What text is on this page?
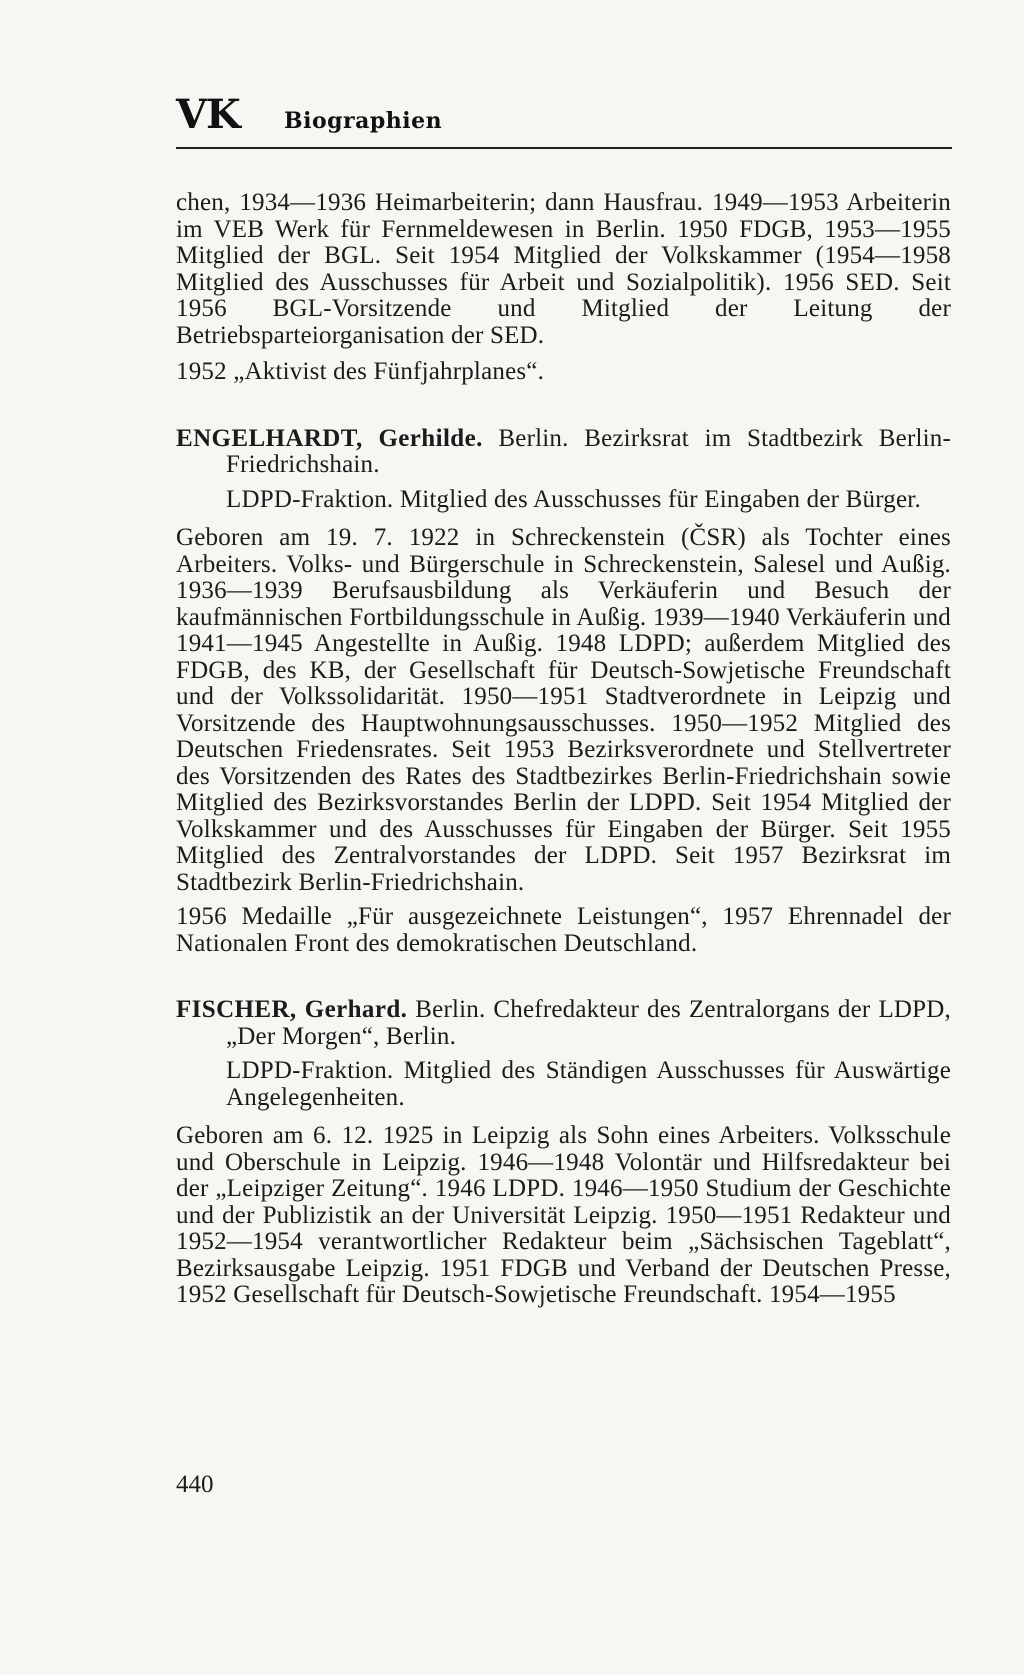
VK Biographien

chen, 1934—1936 Heimarbeiterin; dann Hausfrau. 1949—1953 Arbeiterin im VEB Werk für Fernmeldewesen in Berlin. 1950 FDGB, 1953—1955 Mitglied der BGL. Seit 1954 Mitglied der Volkskammer (1954—1958 Mitglied des Ausschusses für Arbeit und Sozialpolitik). 1956 SED. Seit 1956 BGL-Vorsitzende und Mitglied der Leitung der Betriebsparteiorganisation der SED.

1952 „Aktivist des Fünfjahrplanes“.

ENGELHARDT, Gerhilde. Berlin. Bezirksrat im Stadtbezirk Berlin-Friedrichshain.

LDPD-Fraktion. Mitglied des Ausschusses für Eingaben der Bürger.

Geboren am 19. 7. 1922 in Schreckenstein (ČSR) als Tochter eines Arbeiters. Volks- und Bürgerschule in Schreckenstein, Salesel und Außig. 1936—1939 Berufsausbildung als Verkäuferin und Besuch der kaufmännischen Fortbildungsschule in Außig. 1939—1940 Verkäuferin und 1941—1945 Angestellte in Außig. 1948 LDPD; außerdem Mitglied des FDGB, des KB, der Gesellschaft für Deutsch-Sowjetische Freundschaft und der Volkssolidarität. 1950—1951 Stadtverordnete in Leipzig und Vorsitzende des Hauptwohnungsausschusses. 1950—1952 Mitglied des Deutschen Friedensrates. Seit 1953 Bezirksverordnete und Stellvertreter des Vorsitzenden des Rates des Stadtbezirkes Berlin-Friedrichshain sowie Mitglied des Bezirksvorstandes Berlin der LDPD. Seit 1954 Mitglied der Volkskammer und des Ausschusses für Eingaben der Bürger. Seit 1955 Mitglied des Zentralvorstandes der LDPD. Seit 1957 Bezirksrat im Stadtbezirk Berlin-Friedrichshain.

1956 Medaille „Für ausgezeichnete Leistungen“, 1957 Ehrennadel der Nationalen Front des demokratischen Deutschland.

FISCHER, Gerhard. Berlin. Chefredakteur des Zentralorgans der LDPD, „Der Morgen“, Berlin.

LDPD-Fraktion. Mitglied des Ständigen Ausschusses für Auswärtige Angelegenheiten.

Geboren am 6. 12. 1925 in Leipzig als Sohn eines Arbeiters. Volksschule und Oberschule in Leipzig. 1946—1948 Volontär und Hilfsredakteur bei der „Leipziger Zeitung“. 1946 LDPD. 1946—1950 Studium der Geschichte und der Publizistik an der Universität Leipzig. 1950—1951 Redakteur und 1952—1954 verantwortlicher Redakteur beim „Sächsischen Tageblatt“, Bezirksausgabe Leipzig. 1951 FDGB und Verband der Deutschen Presse, 1952 Gesellschaft für Deutsch-Sowjetische Freundschaft. 1954—1955

440
